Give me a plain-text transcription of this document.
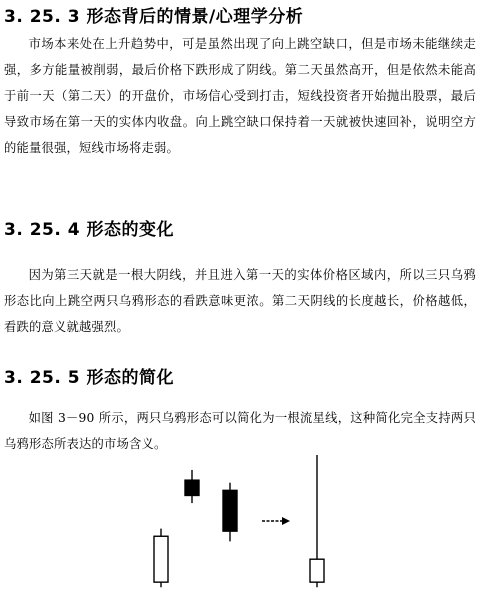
3. 25. 3 形态背后的情景/心理学分析

市场本来处在上升趋势中，可是虽然出现了向上跳空缺口，但是市场未能继续走强，多方能量被削弱，最后价格下跌形成了阴线。第二天虽然高开，但是依然未能高于前一天（第二天）的开盘价，市场信心受到打击，短线投资者开始抛出股票，最后导致市场在第一天的实体内收盘。向上跳空缺口保持着一天就被快速回补，说明空方的能量很强，短线市场将走弱。

3. 25. 4 形态的变化

因为第三天就是一根大阴线，并且进入第一天的实体价格区域内，所以三只乌鸦形态比向上跳空两只乌鸦形态的看跌意味更浓。第二天阴线的长度越长，价格越低，看跌的意义就越强烈。

3. 25. 5 形态的简化

如图 3－90 所示，两只乌鸦形态可以简化为一根流星线，这种简化完全支持两只乌鸦形态所表达的市场含义。
